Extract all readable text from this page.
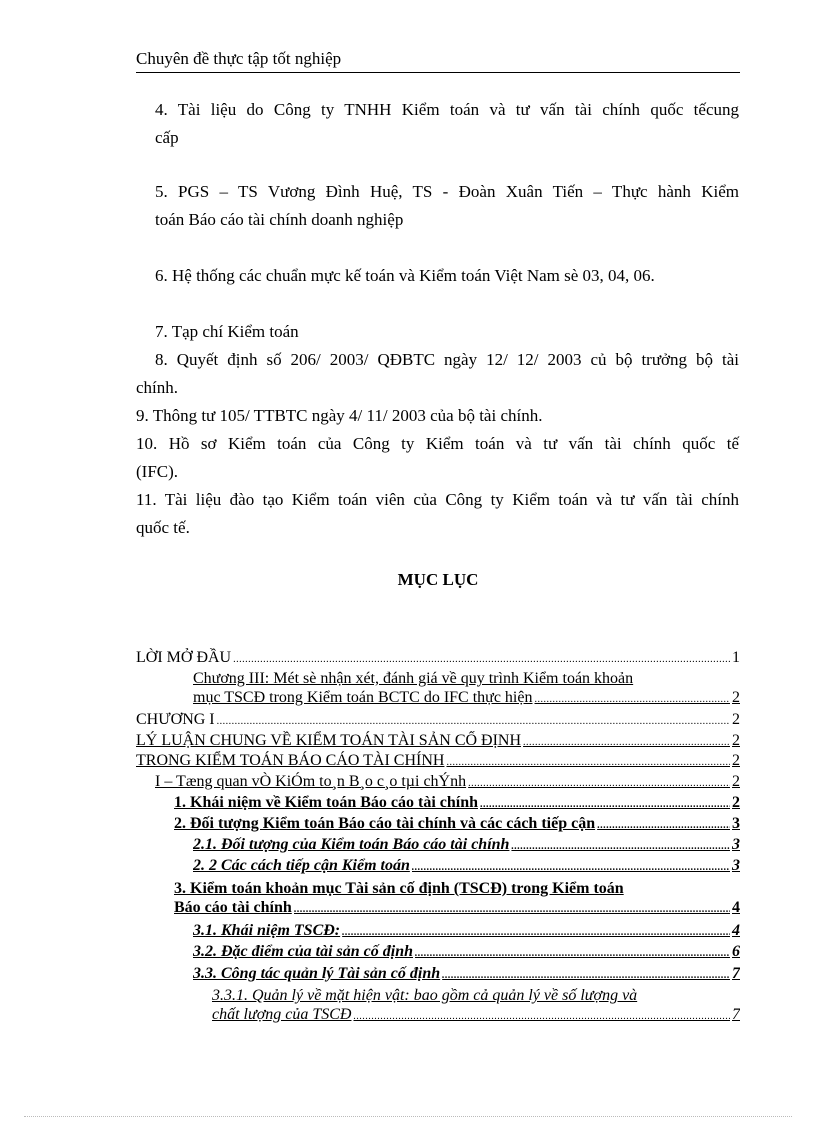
Chuyên đề thực tập tốt nghiệp
4. Tài liệu do Công ty TNHH Kiểm toán và tư vấn tài chính quốc tếcung
cấp
5. PGS – TS Vương Đình Huệ, TS - Đoàn Xuân Tiến – Thực hành Kiểm
toán Báo cáo tài chính doanh nghiệp
6. Hệ thống các chuẩn mực kế toán và Kiểm toán Việt Nam sè 03, 04, 06.
7. Tạp chí Kiểm toán
8. Quyết định số 206/ 2003/ QĐBTC ngày 12/ 12/ 2003 củ bộ trưởng bộ tài
chính.
9. Thông tư 105/ TTBTC ngày 4/ 11/ 2003 của bộ tài chính.
10. Hồ sơ Kiểm toán của Công ty Kiểm toán và tư vấn tài chính quốc tế
(IFC).
11. Tài liệu đào tạo Kiểm toán viên của Công ty Kiểm toán và tư vấn tài chính
quốc tế.
MỤC LỤC
LỜI MỞ ĐẦU .....	1
Chương III: Mét sè nhận xét, đánh giá về quy trình Kiểm toán khoản
mục TSCĐ trong Kiểm toán BCTC do IFC thực hiện .....	2
CHƯƠNG I .....	2
LÝ LUẬN CHUNG VỀ KIỂM TOÁN TÀI SẢN CỐ ĐỊNH .....	2
TRONG KIỂM TOÁN BÁO CÁO TÀI CHÍNH .....	2
I – Tæng quan vÒ KiÓm to¸n B¸o c¸o tµi chÝnh .....	2
1. Khái niệm về Kiểm toán Báo cáo tài chính .....	2
2. Đối tượng Kiểm toán Báo cáo tài chính và các cách tiếp cận .....	3
2.1. Đối tượng của Kiểm toán Báo cáo tài chính .....	3
2. 2 Các cách tiếp cận Kiểm toán .....	3
3. Kiểm toán khoản mục Tài sản cố định (TSCĐ) trong Kiểm toán
Báo cáo tài chính .....	4
3.1. Khái niệm TSCĐ: .....	4
3.2. Đặc điểm của tài sản cố định .....	6
3.3. Công tác quản lý Tài sản cố định .....	7
3.3.1. Quản lý về mặt hiện vật: bao gồm cả quản lý về số lượng và
chất lượng của TSCĐ .....	7
